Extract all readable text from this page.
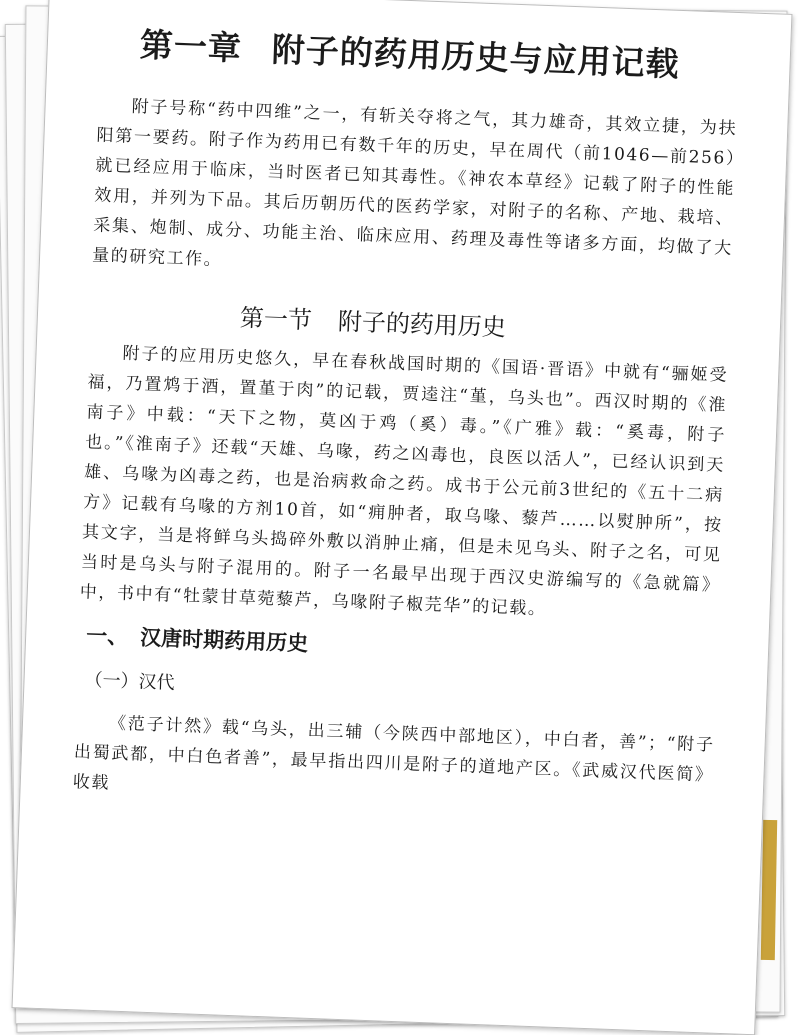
第一章 附子的药用历史与应用记载

附子号称“药中四维”之一，有斩关夺将之气，其力雄奇，其效立捷，为扶阳第一要药。附子作为药用已有数千年的历史，早在周代（前1046—前256）就已经应用于临床，当时医者已知其毒性。《神农本草经》记载了附子的性能效用，并列为下品。其后历朝历代的医药学家，对附子的名称、产地、栽培、采集、炮制、成分、功能主治、临床应用、药理及毒性等诸多方面，均做了大量的研究工作。

第一节 附子的药用历史

附子的应用历史悠久，早在春秋战国时期的《国语·晋语》中就有“骊姬受福，乃置鸩于酒，置堇于肉”的记载，贾逵注“堇，乌头也”。西汉时期的《淮南子》中载：“天下之物，莫凶于鸡（奚）毒。”《广雅》载：“奚毒，附子也。”《淮南子》还载“天雄、乌喙，药之凶毒也，良医以活人”，已经认识到天雄、乌喙为凶毒之药，也是治病救命之药。成书于公元前3世纪的《五十二病方》记载有乌喙的方剂10首，如“痈肿者，取乌喙、藜芦……以熨肿所”，按其文字，当是将鲜乌头捣碎外敷以消肿止痛，但是未见乌头、附子之名，可见当时是乌头与附子混用的。附子一名最早出现于西汉史游编写的《急就篇》中，书中有“牡蒙甘草菀藜芦，乌喙附子椒芫华”的记载。

一、 汉唐时期药用历史
（一）汉代

《范子计然》载“乌头，出三辅（今陕西中部地区），中白者，善”；“附子出蜀武都，中白色者善”，最早指出四川是附子的道地产区。《武威汉代医简》收载
